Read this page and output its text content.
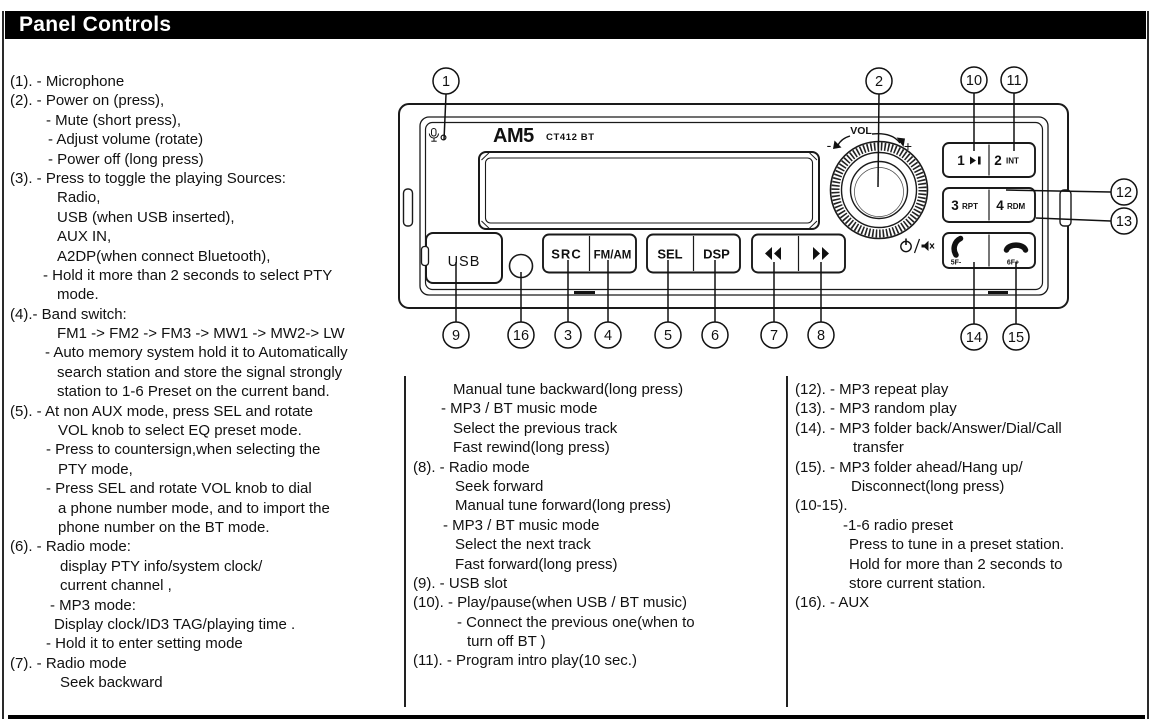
Panel Controls
(1). - Microphone
(2). - Power on (press),
- Mute (short press),
- Adjust volume (rotate)
- Power off (long press)
(3). - Press to toggle the playing Sources:
Radio,
USB (when USB inserted),
AUX IN,
A2DP(when connect Bluetooth),
- Hold it more than 2 seconds to select PTY
mode.
(4).- Band switch:
FM1 -> FM2 -> FM3 -> MW1 -> MW2-> LW
- Auto memory system hold it to Automatically
search station and store the signal strongly
station to 1-6 Preset on the current band.
(5). - At non AUX mode, press SEL and rotate
VOL knob to select EQ preset mode.
- Press to countersign,when selecting the
PTY mode,
- Press SEL and rotate VOL knob to dial
a phone number mode, and to import the
phone number on the BT mode.
(6). - Radio mode:
display PTY info/system clock/
current channel ,
- MP3 mode:
Display clock/ID3 TAG/playing time .
- Hold it to enter setting mode
(7). - Radio mode
Seek backward
Manual tune backward(long press)
- MP3 / BT music mode
Select the previous track
Fast rewind(long press)
(8). - Radio mode
Seek forward
Manual tune forward(long press)
- MP3 / BT music mode
Select the next track
Fast forward(long press)
(9). - USB slot
(10). - Play/pause(when USB / BT music)
- Connect the previous one(when to
turn off BT )
(11). - Program intro play(10 sec.)
(12). - MP3 repeat play
(13). - MP3 random play
(14). - MP3 folder back/Answer/Dial/Call
transfer
(15). - MP3 folder ahead/Hang up/
Disconnect(long press)
(10-15).
-1-6 radio preset
Press to tune in a preset station.
Hold for more than 2 seconds to
store current station.
(16). - AUX
AM5 CT412 BT
VOL
-	+
USB	SRC FM/AM SEL DSP
1 2 INT
3 RPT 4 RDM
5F-	6F+
1	2	10 11
12
13
9	16 3 4	5	6	7	8	14 15
